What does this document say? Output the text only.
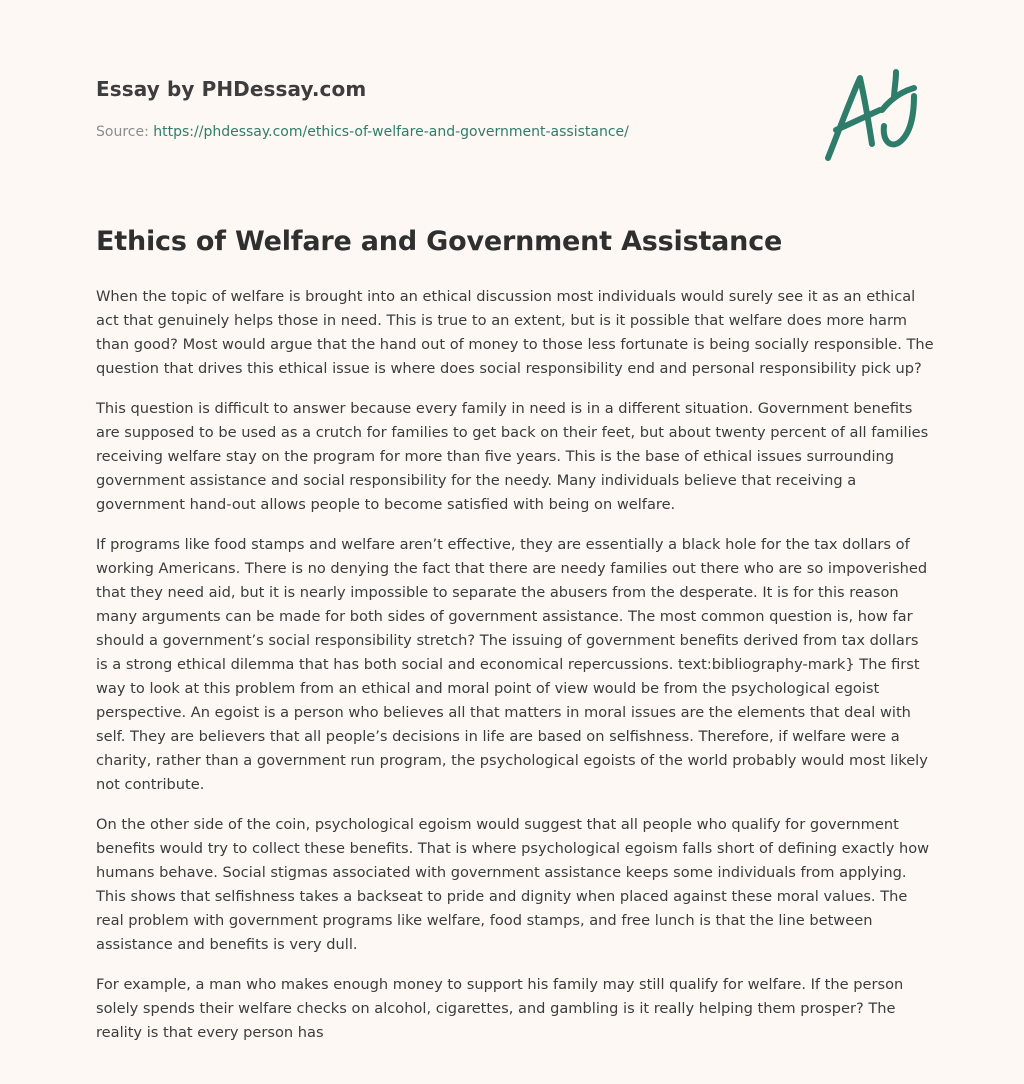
Essay by PHDessay.com
Source: https://phdessay.com/ethics-of-welfare-and-government-assistance/
Ethics of Welfare and Government Assistance

When the topic of welfare is brought into an ethical discussion most individuals would surely see it as an ethical act that genuinely helps those in need. This is true to an extent, but is it possible that welfare does more harm than good? Most would argue that the hand out of money to those less fortunate is being socially responsible. The question that drives this ethical issue is where does social responsibility end and personal responsibility pick up?

This question is difficult to answer because every family in need is in a different situation. Government benefits are supposed to be used as a crutch for families to get back on their feet, but about twenty percent of all families receiving welfare stay on the program for more than five years. This is the base of ethical issues surrounding government assistance and social responsibility for the needy. Many individuals believe that receiving a government hand-out allows people to become satisfied with being on welfare.

If programs like food stamps and welfare aren’t effective, they are essentially a black hole for the tax dollars of working Americans. There is no denying the fact that there are needy families out there who are so impoverished that they need aid, but it is nearly impossible to separate the abusers from the desperate. It is for this reason many arguments can be made for both sides of government assistance. The most common question is, how far should a government’s social responsibility stretch? The issuing of government benefits derived from tax dollars is a strong ethical dilemma that has both social and economical repercussions. text:bibliography-mark} The first way to look at this problem from an ethical and moral point of view would be from the psychological egoist perspective. An egoist is a person who believes all that matters in moral issues are the elements that deal with self. They are believers that all people’s decisions in life are based on selfishness. Therefore, if welfare were a charity, rather than a government run program, the psychological egoists of the world probably would most likely not contribute.

On the other side of the coin, psychological egoism would suggest that all people who qualify for government benefits would try to collect these benefits. That is where psychological egoism falls short of defining exactly how humans behave. Social stigmas associated with government assistance keeps some individuals from applying. This shows that selfishness takes a backseat to pride and dignity when placed against these moral values. The real problem with government programs like welfare, food stamps, and free lunch is that the line between assistance and benefits is very dull.

For example, a man who makes enough money to support his family may still qualify for welfare. If the person solely spends their welfare checks on alcohol, cigarettes, and gambling is it really helping them prosper? The reality is that every person has
